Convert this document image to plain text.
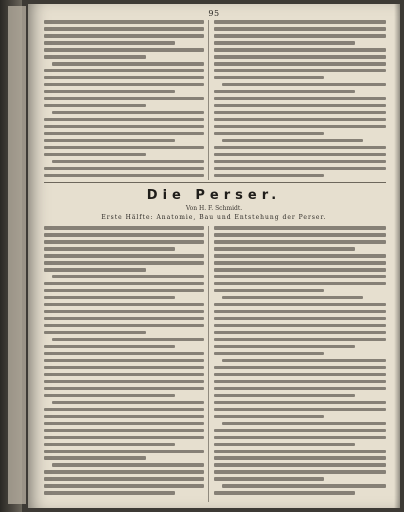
95
Die Perser.
Von H. F. Schmidt.
Erste Hälfte: Anatomie, Bau und Entstehung der Perser.
